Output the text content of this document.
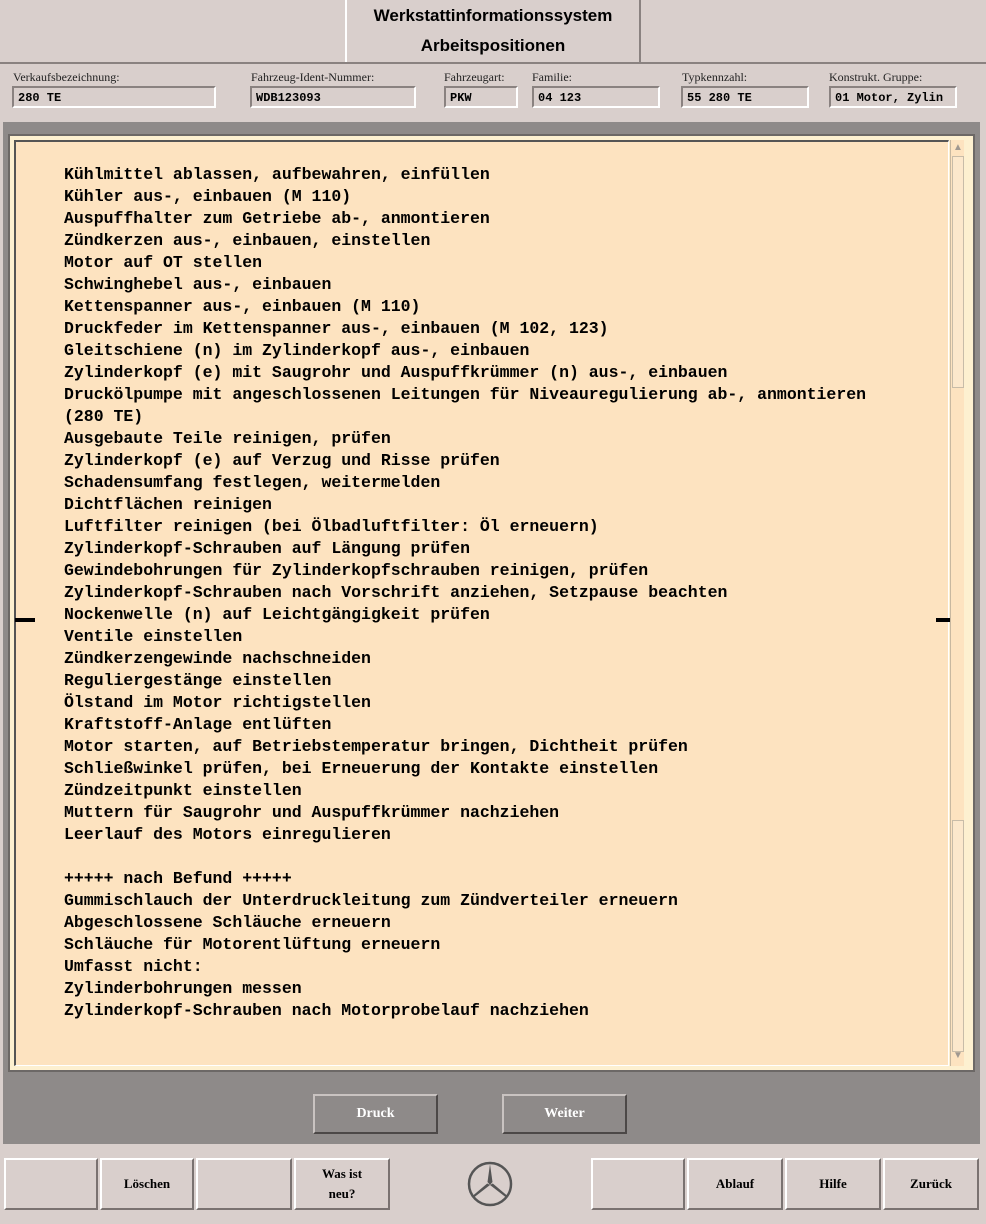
Werkstattinformationssystem
Arbeitspositionen
Verkaufsbezeichnung:
280 TE
Fahrzeug-Ident-Nummer:
WDB123093
Fahrzeugart:
PKW
Familie:
04 123
Typkennzahl:
55 280 TE
Konstrukt. Gruppe:
01 Motor, Zylin
Kühlmittel ablassen, aufbewahren, einfüllen
Kühler aus-, einbauen (M 110)
Auspuffhalter zum Getriebe ab-, anmontieren
Zündkerzen aus-, einbauen, einstellen
Motor auf OT stellen
Schwinghebel aus-, einbauen
Kettenspanner aus-, einbauen (M 110)
Druckfeder im Kettenspanner aus-, einbauen (M 102, 123)
Gleitschiene (n) im Zylinderkopf aus-, einbauen
Zylinderkopf (e) mit Saugrohr und Auspuffkrümmer (n) aus-, einbauen
Druckölpumpe mit angeschlossenen Leitungen für Niveauregulierung ab-, anmontieren
(280 TE)
Ausgebaute Teile reinigen, prüfen
Zylinderkopf (e) auf Verzug und Risse prüfen
Schadensumfang festlegen, weitermelden
Dichtflächen reinigen
Luftfilter reinigen (bei Ölbadluftfilter: Öl erneuern)
Zylinderkopf-Schrauben auf Längung prüfen
Gewindebohrungen für Zylinderkopfschrauben reinigen, prüfen
Zylinderkopf-Schrauben nach Vorschrift anziehen, Setzpause beachten
Nockenwelle (n) auf Leichtgängigkeit prüfen
Ventile einstellen
Zündkerzengewinde nachschneiden
Reguliergestänge einstellen
Ölstand im Motor richtigstellen
Kraftstoff-Anlage entlüften
Motor starten, auf Betriebstemperatur bringen, Dichtheit prüfen
Schließwinkel prüfen, bei Erneuerung der Kontakte einstellen
Zündzeitpunkt einstellen
Muttern für Saugrohr und Auspuffkrümmer nachziehen
Leerlauf des Motors einregulieren

+++++ nach Befund +++++
Gummischlauch der Unterdruckleitung zum Zündverteiler erneuern
Abgeschlossene Schläuche erneuern
Schläuche für Motorentlüftung erneuern
Umfasst nicht:
Zylinderbohrungen messen
Zylinderkopf-Schrauben nach Motorprobelauf nachziehen
▲
▼
Druck	Weiter
Löschen
Was ist
neu?
Ablauf	Hilfe	Zurück
